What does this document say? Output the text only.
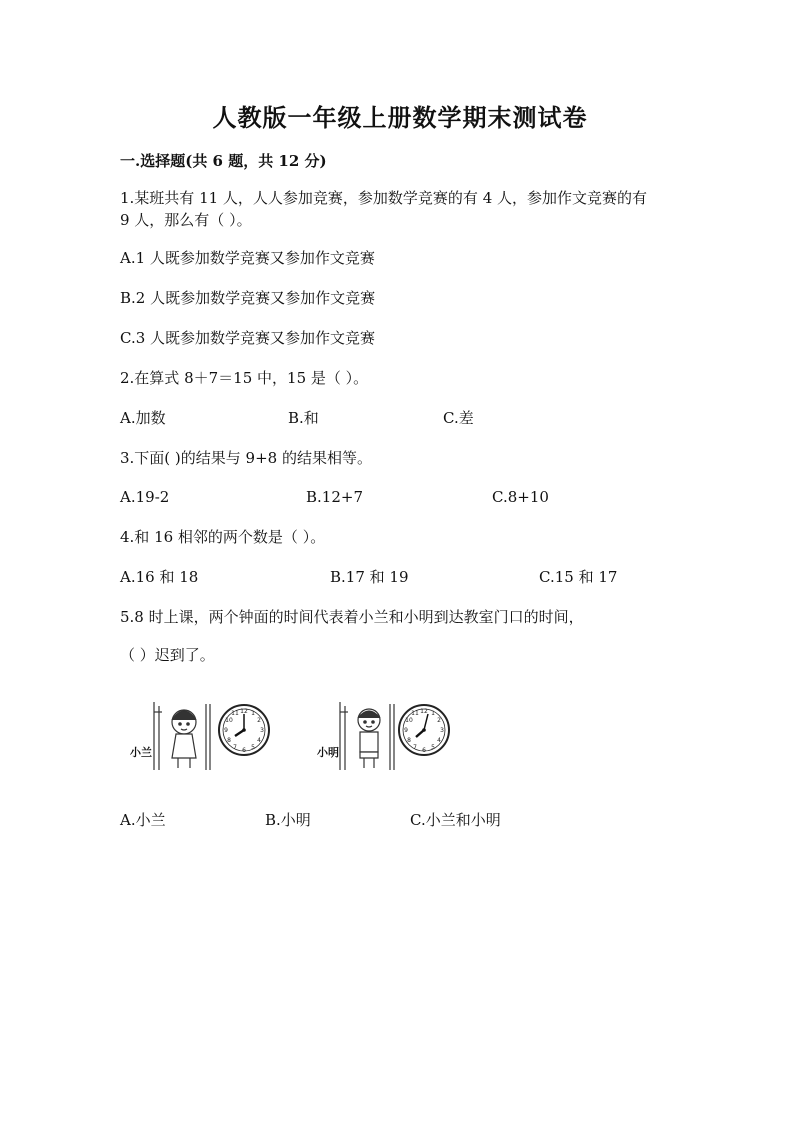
人教版一年级上册数学期末测试卷
一.选择题(共 6 题，共 12 分)
1.某班共有 11 人，人人参加竞赛，参加数学竞赛的有 4 人，参加作文竞赛的有
9 人，那么有（ ）。
A.1 人既参加数学竞赛又参加作文竞赛
B.2 人既参加数学竞赛又参加作文竞赛
C.3 人既参加数学竞赛又参加作文竞赛
2.在算式 8＋7＝15 中，15 是（ ）。
A.加数	B.和	C.差
3.下面( )的结果与 9+8 的结果相等。
A.19-2	B.12+7	C.8+10
4.和 16 相邻的两个数是（ ）。
A.16 和 18	B.17 和 19	C.15 和 17
5.8 时上课，两个钟面的时间代表着小兰和小明到达教室门口的时间，
（ ）迟到了。
小兰
12
3
6
9
1
2
4
5
7
8
10
11
小明
12
3
6
9
1
2
4
5
7
8
10
11
A.小兰	B.小明	C.小兰和小明
